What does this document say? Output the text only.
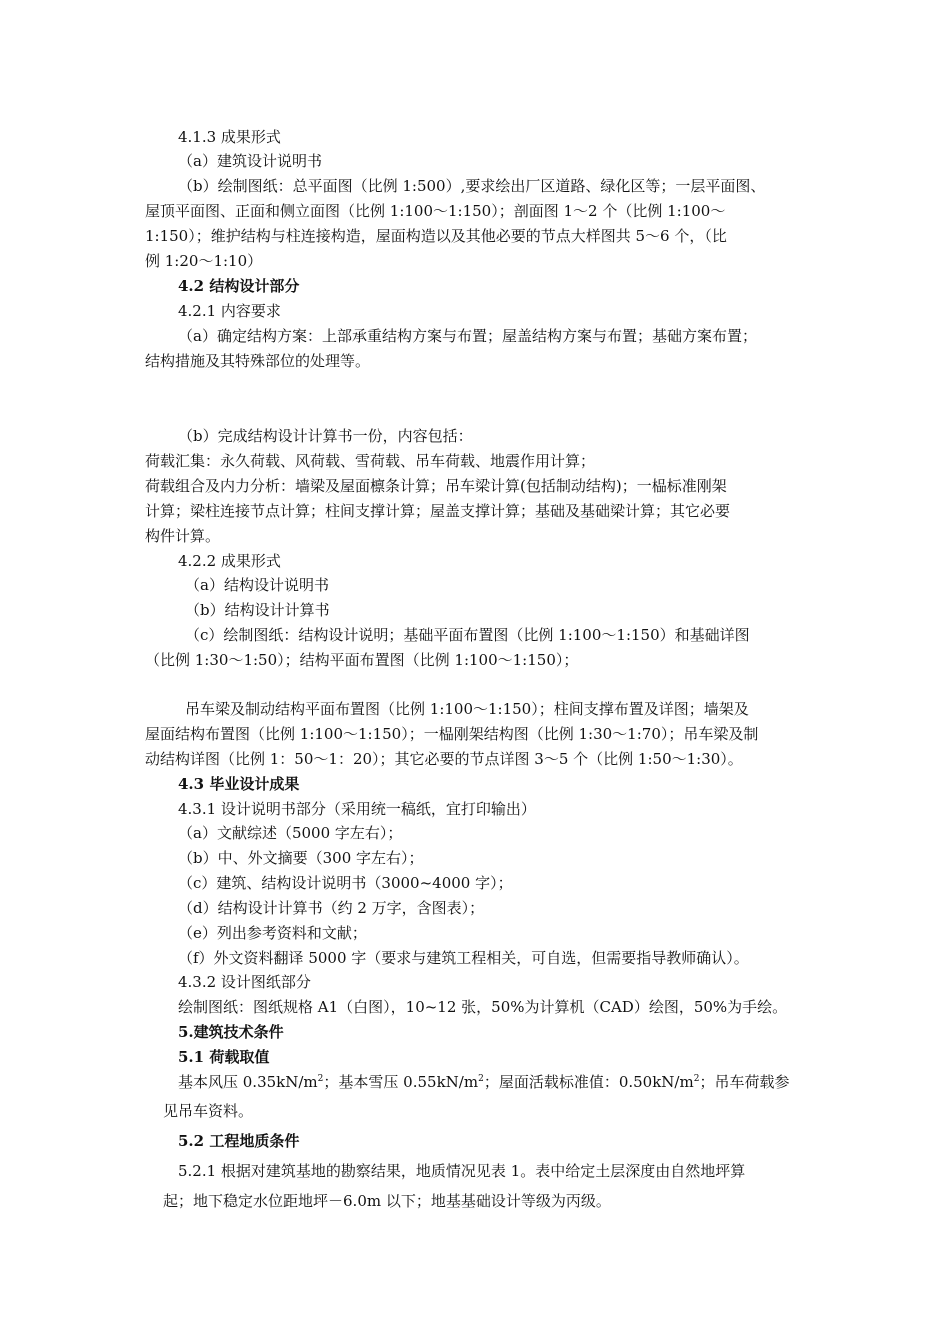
4.1.3 成果形式
（a）建筑设计说明书
（b）绘制图纸：总平面图（比例 1:500）,要求绘出厂区道路、绿化区等；一层平面图、
屋顶平面图、正面和侧立面图（比例 1:100～1:150）；剖面图 1～2 个（比例 1:100～
1:150）；维护结构与柱连接构造，屋面构造以及其他必要的节点大样图共 5～6 个，（比
例 1:20～1:10）
4.2 结构设计部分
4.2.1 内容要求
（a）确定结构方案：上部承重结构方案与布置；屋盖结构方案与布置；基础方案布置；
结构措施及其特殊部位的处理等。
（b）完成结构设计计算书一份，内容包括：
荷载汇集：永久荷载、风荷载、雪荷载、吊车荷载、地震作用计算；
荷载组合及内力分析：墙梁及屋面檩条计算；吊车梁计算(包括制动结构)；一榀标准刚架
计算；梁柱连接节点计算；柱间支撑计算；屋盖支撑计算；基础及基础梁计算；其它必要
构件计算。
4.2.2 成果形式
（a）结构设计说明书
（b）结构设计计算书
（c）绘制图纸：结构设计说明；基础平面布置图（比例 1:100～1:150）和基础详图
（比例 1:30～1:50）；结构平面布置图（比例 1:100～1:150）；
吊车梁及制动结构平面布置图（比例 1:100～1:150）；柱间支撑布置及详图；墙架及
屋面结构布置图（比例 1:100～1:150）；一榀刚架结构图（比例 1:30～1:70）；吊车梁及制
动结构详图（比例 1：50～1：20）；其它必要的节点详图 3～5 个（比例 1:50～1:30）。
4.3 毕业设计成果
4.3.1 设计说明书部分（采用统一稿纸，宜打印输出）
（a）文献综述（5000 字左右）；
（b）中、外文摘要（300 字左右）；
（c）建筑、结构设计说明书（3000~4000 字）；
（d）结构设计计算书（约 2 万字，含图表）；
（e）列出参考资料和文献；
（f）外文资料翻译 5000 字（要求与建筑工程相关，可自选，但需要指导教师确认）。
4.3.2 设计图纸部分
绘制图纸：图纸规格 A1（白图），10~12 张，50%为计算机（CAD）绘图，50%为手绘。
5.建筑技术条件
5.1 荷载取值
基本风压 $0.35kN/m^2$；基本雪压 $0.55kN/m^2$；屋面活载标准值：$0.50kN/m^2$；吊车荷载参
见吊车资料。
5.2 工程地质条件
5.2.1 根据对建筑基地的勘察结果，地质情况见表 1。表中给定土层深度由自然地坪算
起；地下稳定水位距地坪－6.0m 以下；地基基础设计等级为丙级。
